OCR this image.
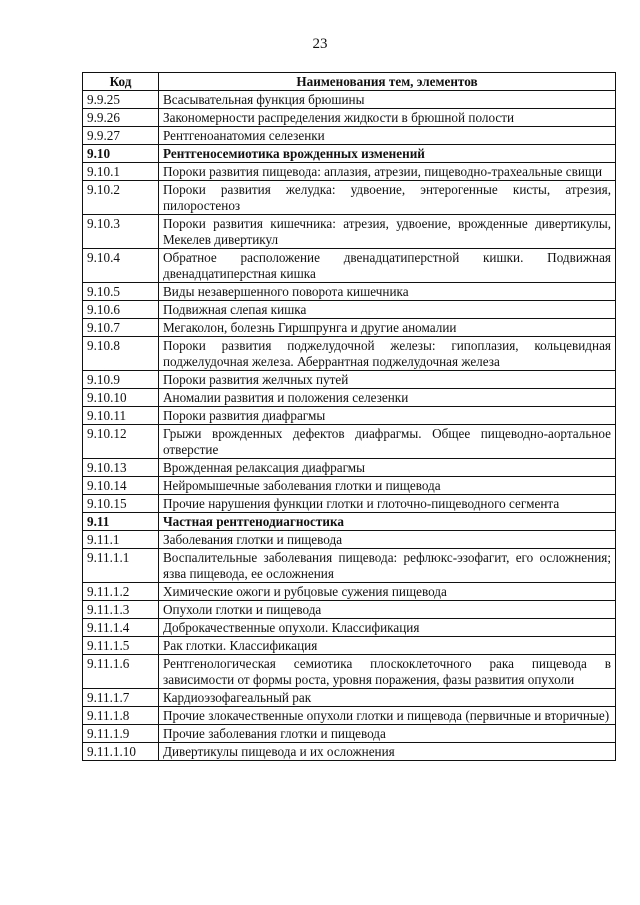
23
Код	Наименования тем, элементов
9.9.25	Всасывательная функция брюшины
9.9.26	Закономерности распределения жидкости в брюшной полости
9.9.27	Рентгеноанатомия селезенки
9.10	Рентгеносемиотика врожденных изменений
9.10.1	Пороки развития пищевода: аплазия, атрезии, пищеводно-трахеальные свищи
9.10.2	Пороки развития желудка: удвоение, энтерогенные кисты, атрезия, пилоростеноз
9.10.3	Пороки развития кишечника: атрезия, удвоение, врожденные дивертикулы, Мекелев дивертикул
9.10.4	Обратное расположение двенадцатиперстной кишки. Подвижная двенадцатиперстная кишка
9.10.5	Виды незавершенного поворота кишечника
9.10.6	Подвижная слепая кишка
9.10.7	Мегаколон, болезнь Гиршпрунга и другие аномалии
9.10.8	Пороки развития поджелудочной железы: гипоплазия, кольцевидная поджелудочная железа. Аберрантная поджелудочная железа
9.10.9	Пороки развития желчных путей
9.10.10	Аномалии развития и положения селезенки
9.10.11	Пороки развития диафрагмы
9.10.12	Грыжи врожденных дефектов диафрагмы. Общее пищеводно-аортальное отверстие
9.10.13	Врожденная релаксация диафрагмы
9.10.14	Нейромышечные заболевания глотки и пищевода
9.10.15	Прочие нарушения функции глотки и глоточно-пищеводного сегмента
9.11	Частная рентгенодиагностика
9.11.1	Заболевания глотки и пищевода
9.11.1.1	Воспалительные заболевания пищевода: рефлюкс-эзофагит, его осложнения; язва пищевода, ее осложнения
9.11.1.2	Химические ожоги и рубцовые сужения пищевода
9.11.1.3	Опухоли глотки и пищевода
9.11.1.4	Доброкачественные опухоли. Классификация
9.11.1.5	Рак глотки. Классификация
9.11.1.6	Рентгенологическая семиотика плоскоклеточного рака пищевода в зависимости от формы роста, уровня поражения, фазы развития опухоли
9.11.1.7	Кардиоэзофагеальный рак
9.11.1.8	Прочие злокачественные опухоли глотки и пищевода (первичные и вторичные)
9.11.1.9	Прочие заболевания глотки и пищевода
9.11.1.10	Дивертикулы пищевода и их осложнения
